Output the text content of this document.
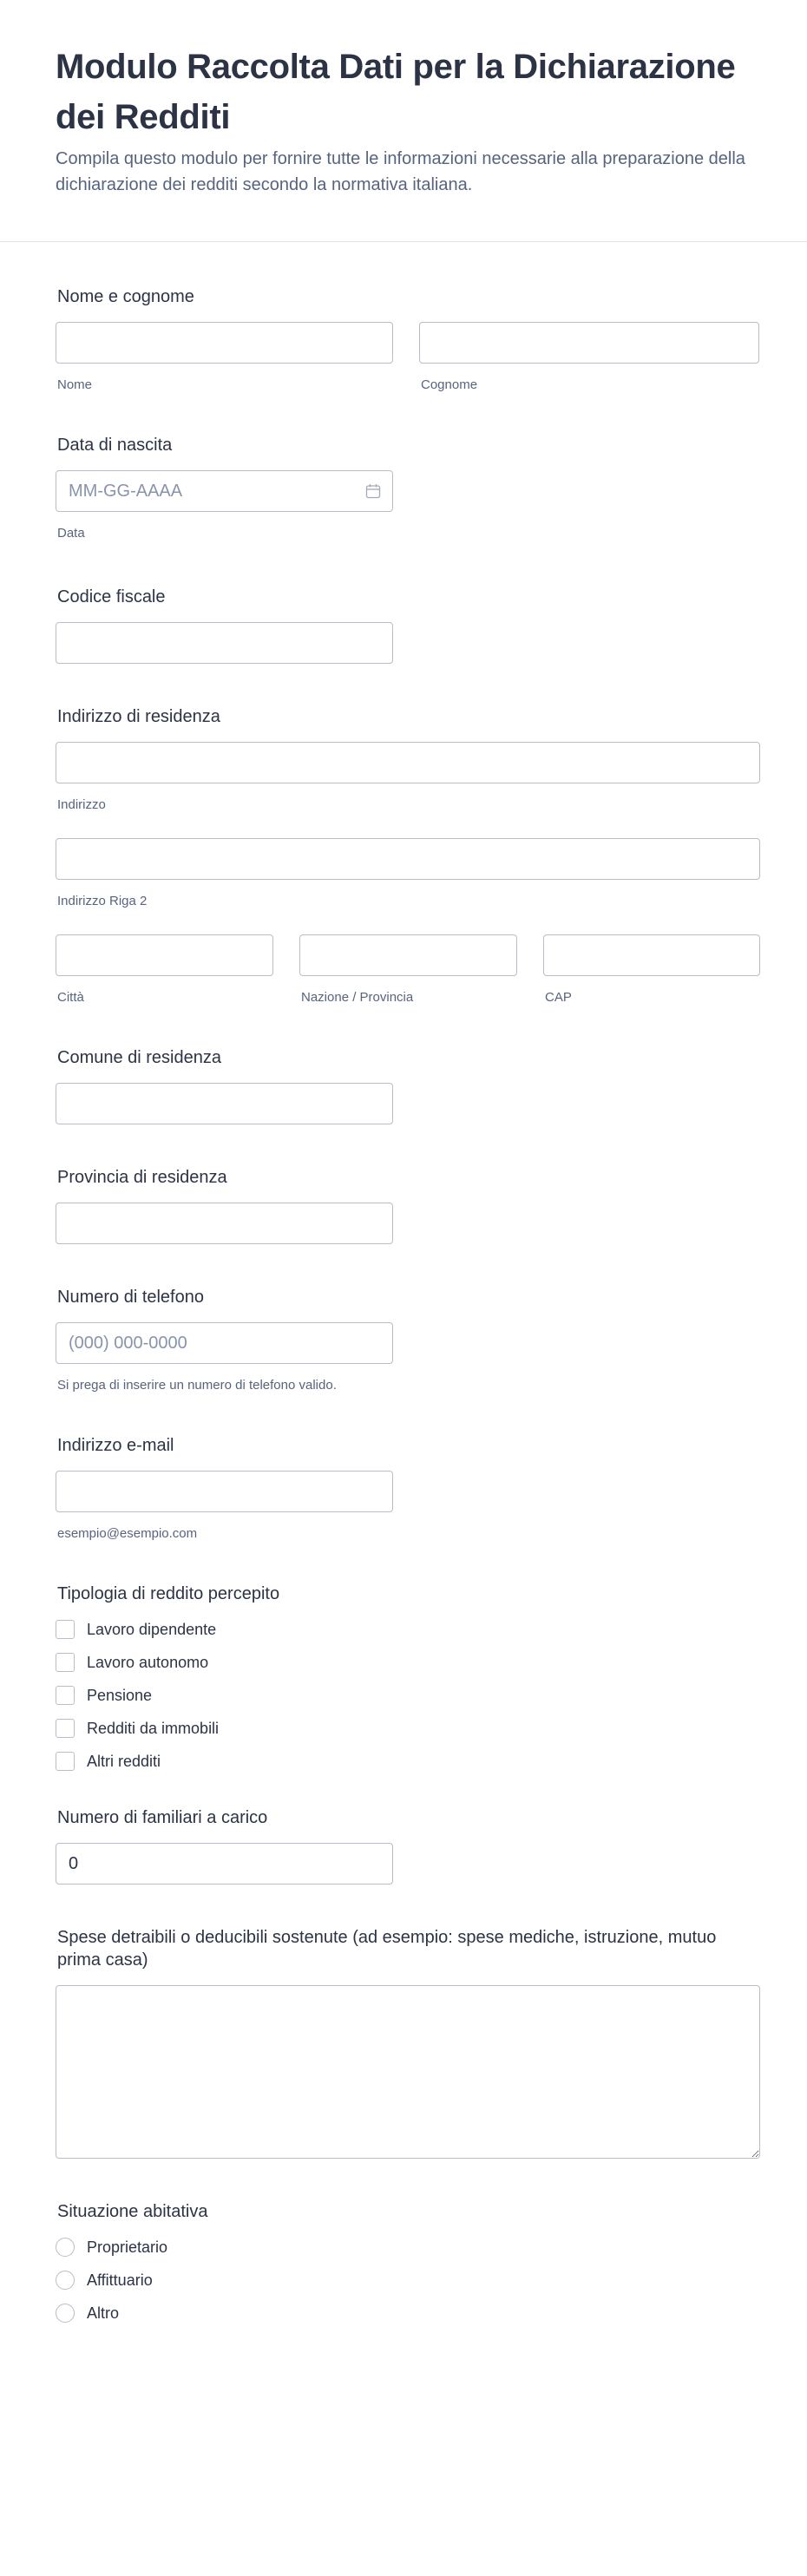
Modulo Raccolta Dati per la Dichiarazione dei Redditi

Compila questo modulo per fornire tutte le informazioni necessarie alla preparazione della dichiarazione dei redditi secondo la normativa italiana.

Nome e cognome
Nome	Cognome
Data di nascita
MM-GG-AAAA
Data
Codice fiscale
Indirizzo di residenza
Indirizzo
Indirizzo Riga 2
Città	Nazione / Provincia	CAP
Comune di residenza
Provincia di residenza
Numero di telefono
(000) 000-0000
Si prega di inserire un numero di telefono valido.
Indirizzo e-mail
esempio@esempio.com
Tipologia di reddito percepito
Lavoro dipendente
Lavoro autonomo
Pensione
Redditi da immobili
Altri redditi
Numero di familiari a carico
0
Spese detraibili o deducibili sostenute (ad esempio: spese mediche, istruzione, mutuo prima casa)
Situazione abitativa
Proprietario
Affittuario
Altro
